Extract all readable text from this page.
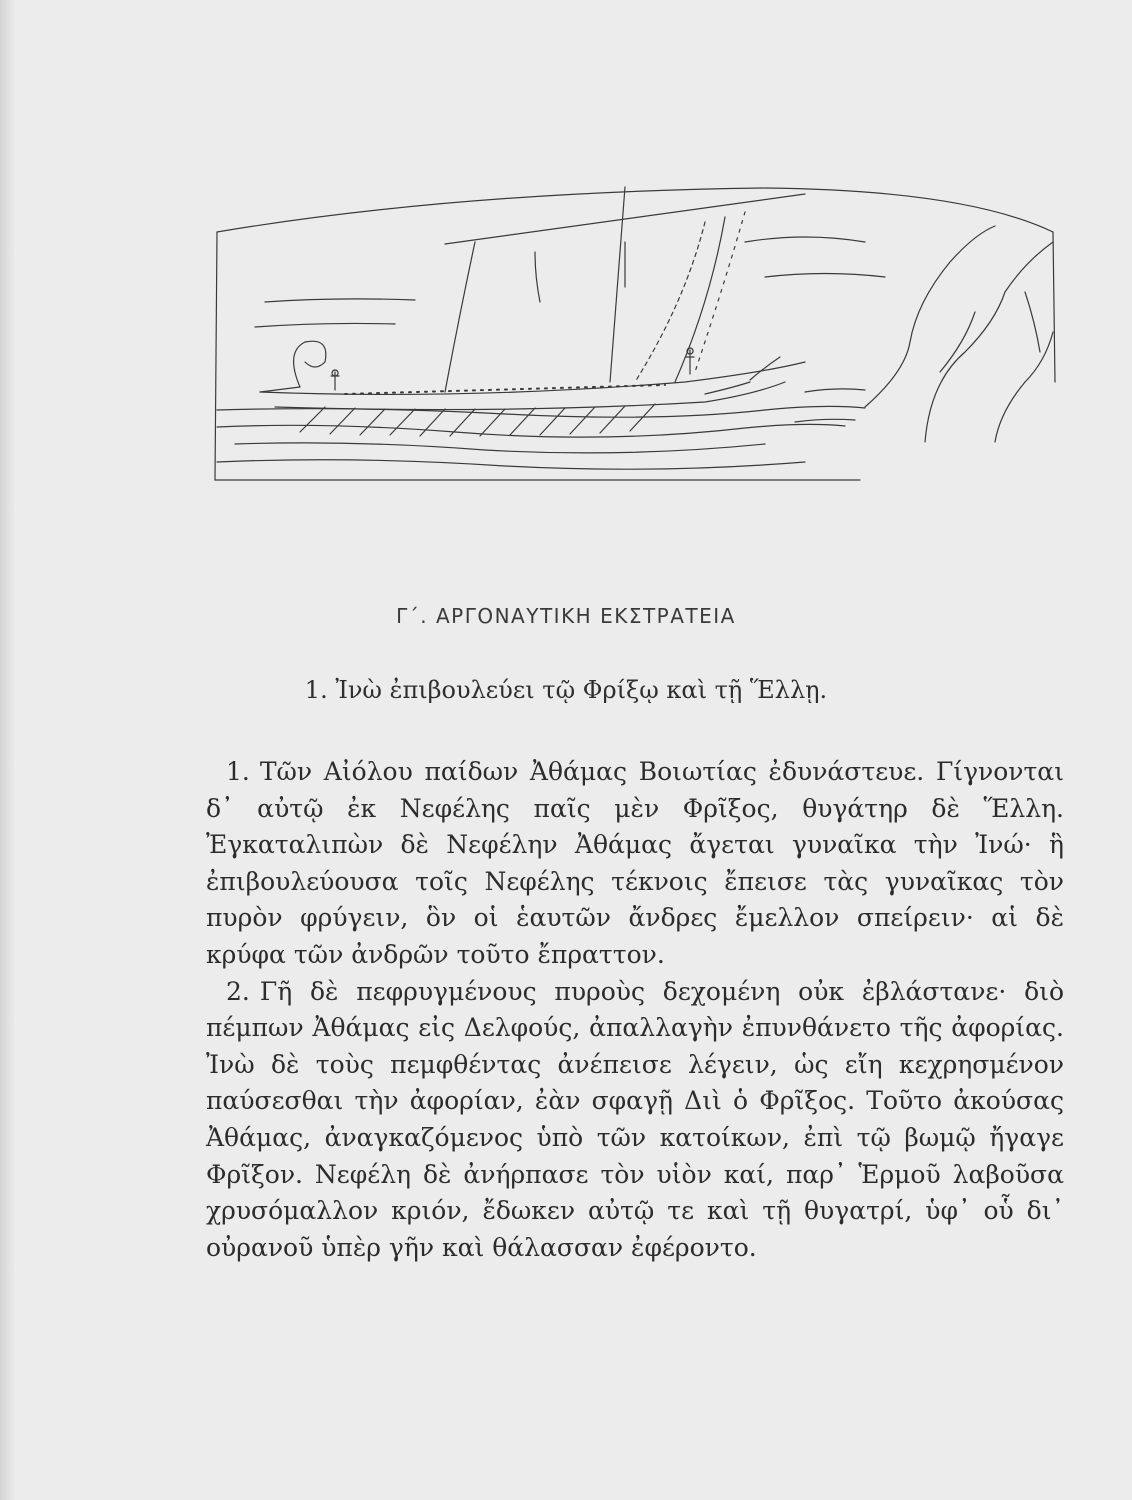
Γ΄. ΑΡΓΟΝΑΥΤΙΚΗ ΕΚΣΤΡΑΤΕΙΑ
1. Ἰνὼ ἐπιβουλεύει τῷ Φρίξῳ καὶ τῇ Ἕλλῃ.

1. Τῶν Αἰόλου παίδων Ἀθάμας Βοιωτίας ἐδυνάστευε. Γίγνονται δ᾽ αὐτῷ ἐκ Νεφέλης παῖς μὲν Φρῖξος, θυγάτηρ δὲ Ἕλλη. Ἐγκαταλιπὼν δὲ Νεφέλην Ἀθάμας ἄγεται γυναῖκα τὴν Ἰνώ· ἣ ἐπιβουλεύουσα τοῖς Νεφέλης τέκνοις ἔπεισε τὰς γυναῖκας τὸν πυρὸν φρύγειν, ὃν οἱ ἑαυτῶν ἄνδρες ἔμελλον σπείρειν· αἱ δὲ κρύφα τῶν ἀνδρῶν τοῦτο ἔπραττον.

2. Γῆ δὲ πεφρυγμένους πυροὺς δεχομένη οὐκ ἐβλάστανε· διὸ πέμπων Ἀθάμας εἰς Δελφούς, ἀπαλλαγὴν ἐπυνθάνετο τῆς ἀφορίας. Ἰνὼ δὲ τοὺς πεμφθέντας ἀνέπεισε λέγειν, ὡς εἴη κεχρησμένον παύσεσθαι τὴν ἀφορίαν, ἐὰν σφαγῇ Διὶ ὁ Φρῖξος. Τοῦτο ἀκούσας Ἀθάμας, ἀναγκαζόμενος ὑπὸ τῶν κατοίκων, ἐπὶ τῷ βωμῷ ἤγαγε Φρῖξον. Νεφέλη δὲ ἀνήρπασε τὸν υἱὸν καί, παρ᾽ Ἑρμοῦ λαβοῦσα χρυσόμαλλον κριόν, ἔδωκεν αὐτῷ τε καὶ τῇ θυγατρί, ὑφ᾽ οὗ δι᾽ οὐρανοῦ ὑπὲρ γῆν καὶ θάλασσαν ἐφέροντο.
